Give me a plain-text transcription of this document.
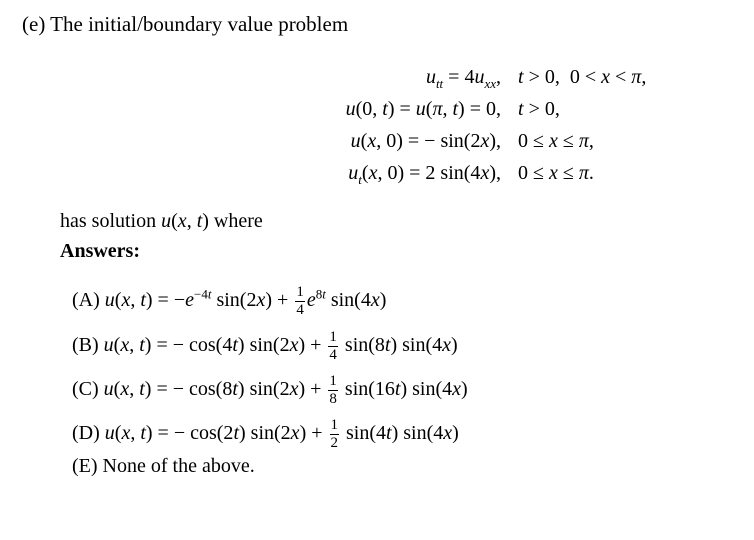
(e) The initial/boundary value problem
$u_{tt} = 4u_{xx}$, t > 0,  0 < x < π,
u(0, t) = u(π, t) = 0, t > 0,
u(x, 0) = − sin(2x), 0 ≤ x ≤ π,
$u_t(x$, 0) = 2 sin(4x), 0 ≤ x ≤ π.
has solution u(x, t) where
Answers:
(A) u(x, $t) = -e^{-4t}$ $\sin(2x) + \frac{1}{4} e^{8t}$ sin(4x)
(B) u(x, t) = − cos(4t) $\sin(2x) + \frac{1}{4} \sin(8t)$ sin(4x)
(C) u(x, t) = − cos(8t) $\sin(2x) + \frac{1}{8} \sin(16t)$ sin(4x)
(D) u(x, t) = − cos(2t) $\sin(2x) + \frac{1}{2} \sin(4t)$ sin(4x)
(E) None of the above.
